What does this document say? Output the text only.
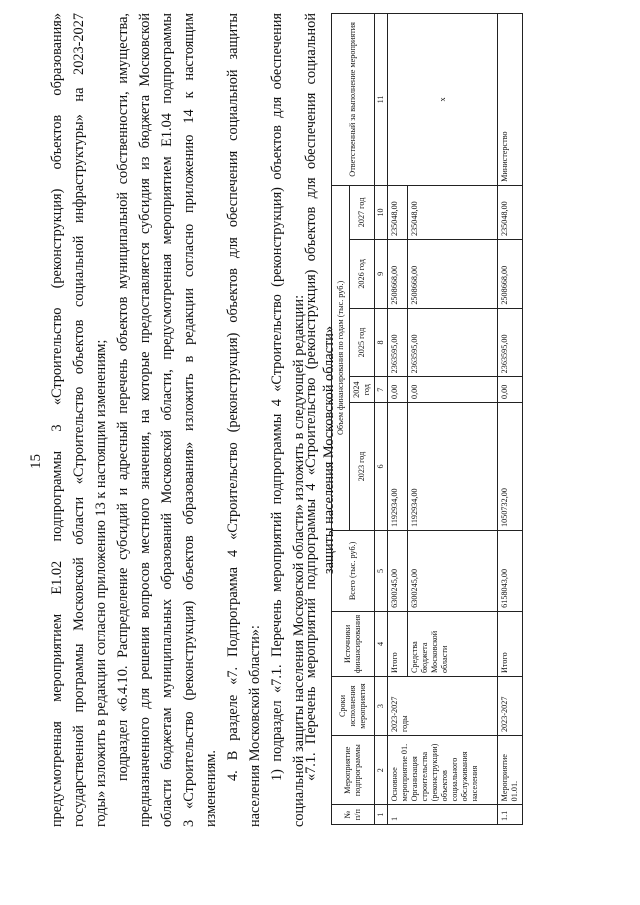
15 предусмотренная мероприятием Е1.02 подпрограммы 3 «Строительство (реконструкция) объектов образования» государственной программы Московской области «Строительство объектов социальной инфраструктуры» на 2023-2027 годы» изложить в редакции согласно приложению 13 к настоящим изменениям; подраздел «6.4.10. Распределение субсидий и адресный перечень объектов муниципальной собственности, имущества, предназначенного для решения вопросов местного значения, на которые предоставляется субсидия из бюджета Московской области бюджетам муниципальных образований Московской области, предусмотренная мероприятием Е1.04 подпрограммы 3 «Строительство (реконструкция) объектов образования» изложить в редакции согласно приложению 14 к настоящим изменениям.
4. В разделе «7. Подпрограмма 4 «Строительство (реконструкция) объектов для обеспечения социальной защиты населения Московской области»: 1) подраздел «7.1. Перечень мероприятий подпрограммы 4 «Строительство (реконструкция) объектов для обеспечения социальной защиты населения Московской области» изложить в следующей редакции:
«7.1. Перечень мероприятий подпрограммы 4 «Строительство (реконструкция) объектов для обеспечения социальной защиты населения Московской области»
№ п/п	Мероприятие подпрограммы	Сроки исполнения мероприятия	Источники финансирования	Всего (тыс. руб.)	Объем финансирования по годам (тыс. руб.)					Ответственный за выполнение мероприятия
					2023 год	2024 год	2025 год	2026 год	2027 год	
1	2	3	4	5	6	7	8	9	10	11
1	Основное мероприятие 01. Организация строительства (реконструкции) объектов социального обслуживания населения	2023-2027 годы	Итого	6300245,00	1192934,00	0,00	2363595,00	2508668,00	235048,00	х
			Средства бюджета Московской области	6300245,00	1192934,00	0,00	2363595,00	2508668,00	235048,00	
1.1	Мероприятие 01.01.	2023-2027	Итого	6158043,00	1050732,00	0,00	2363595,00	2508668,00	235048,00	Министерство
